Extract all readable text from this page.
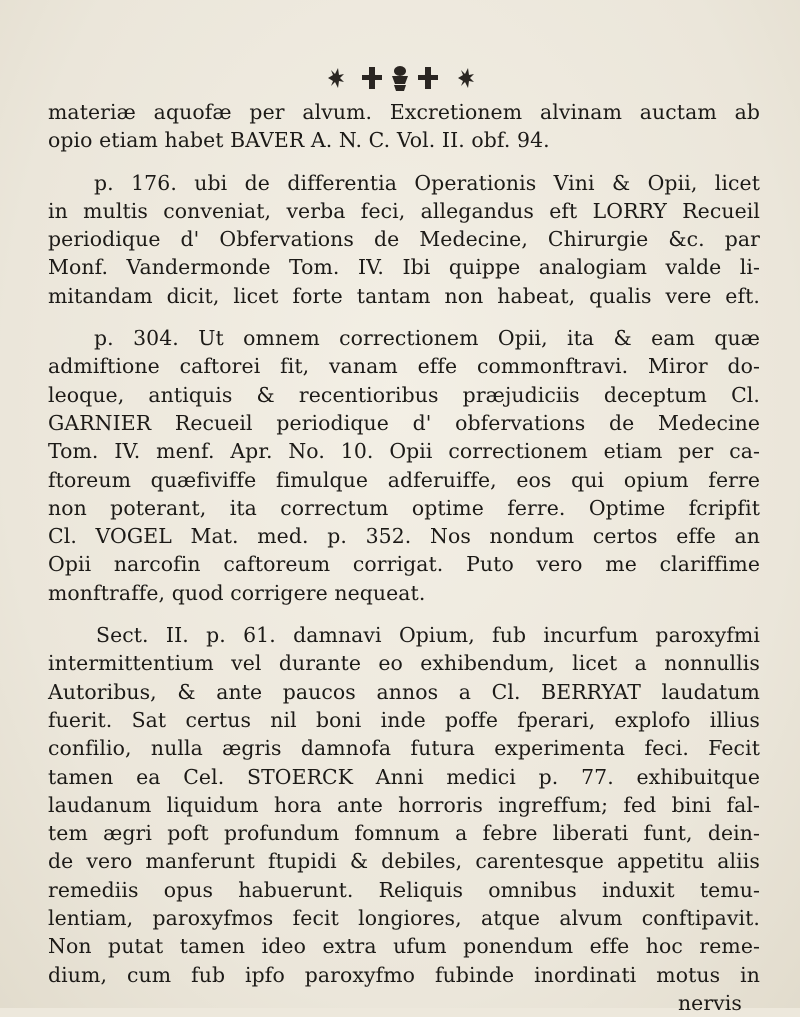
materiæ aquofæ per alvum. Excretionem alvinam auctam ab
opio etiam habet BAVER A. N. C. Vol. II. obf. 94.
p. 176. ubi de differentia Operationis Vini & Opii, licet
in multis conveniat, verba feci, allegandus eft LORRY Recueil
periodique d' Obfervations de Medecine, Chirurgie &c. par
Monf. Vandermonde Tom. IV. Ibi quippe analogiam valde li-
mitandam dicit, licet forte tantam non habeat, qualis vere eft.
p. 304. Ut omnem correctionem Opii, ita & eam quæ
admiftione caftorei fit, vanam effe commonftravi. Miror do-
leoque, antiquis & recentioribus præjudiciis deceptum Cl.
GARNIER Recueil periodique d' obfervations de Medecine
Tom. IV. menf. Apr. No. 10. Opii correctionem etiam per ca-
ftoreum quæfiviffe fimulque adferuiffe, eos qui opium ferre
non poterant, ita correctum optime ferre. Optime fcripfit
Cl. VOGEL Mat. med. p. 352. Nos nondum certos effe an
Opii narcofin caftoreum corrigat. Puto vero me clariffime
monftraffe, quod corrigere nequeat.
Sect. II. p. 61. damnavi Opium, fub incurfum paroxyfmi
intermittentium vel durante eo exhibendum, licet a nonnullis
Autoribus, & ante paucos annos a Cl. BERRYAT laudatum
fuerit. Sat certus nil boni inde poffe fperari, explofo illius
confilio, nulla ægris damnofa futura experimenta feci. Fecit
tamen ea Cel. STOERCK Anni medici p. 77. exhibuitque
laudanum liquidum hora ante horroris ingreffum; fed bini fal-
tem ægri poft profundum fomnum a febre liberati funt, dein-
de vero manferunt ftupidi & debiles, carentesque appetitu aliis
remediis opus habuerunt. Reliquis omnibus induxit temu-
lentiam, paroxyfmos fecit longiores, atque alvum conftipavit.
Non putat tamen ideo extra ufum ponendum effe hoc reme-
dium, cum fub ipfo paroxyfmo fubinde inordinati motus in
nervis
